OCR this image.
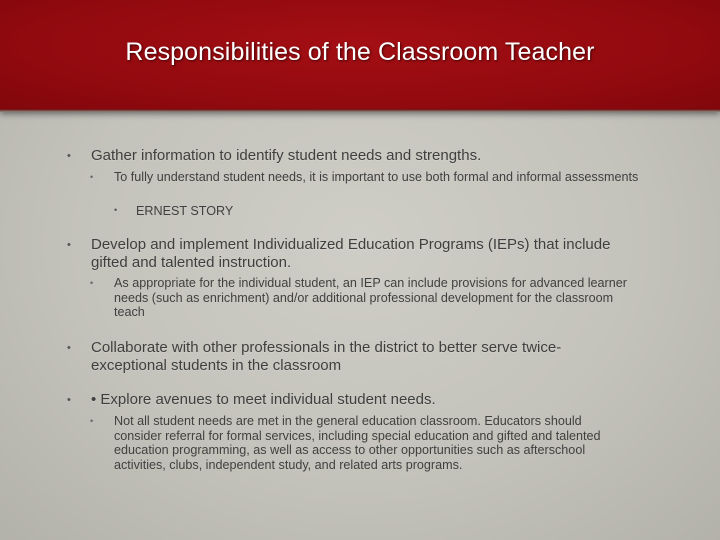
Responsibilities of the Classroom Teacher
• Gather information to identify student needs and strengths.
• To fully understand student needs, it is important to use both formal and informal assessments
• ERNEST STORY
• Develop and implement Individualized Education Programs (IEPs) that include gifted and talented instruction.
• As appropriate for the individual student, an IEP can include provisions for advanced learner needs (such as enrichment) and/or additional professional development for the classroom teach
• Collaborate with other professionals in the district to better serve twice-exceptional students in the classroom
• • Explore avenues to meet individual student needs.
• Not all student needs are met in the general education classroom. Educators should consider referral for formal services, including special education and gifted and talented education programming, as well as access to other opportunities such as afterschool activities, clubs, independent study, and related arts programs.
